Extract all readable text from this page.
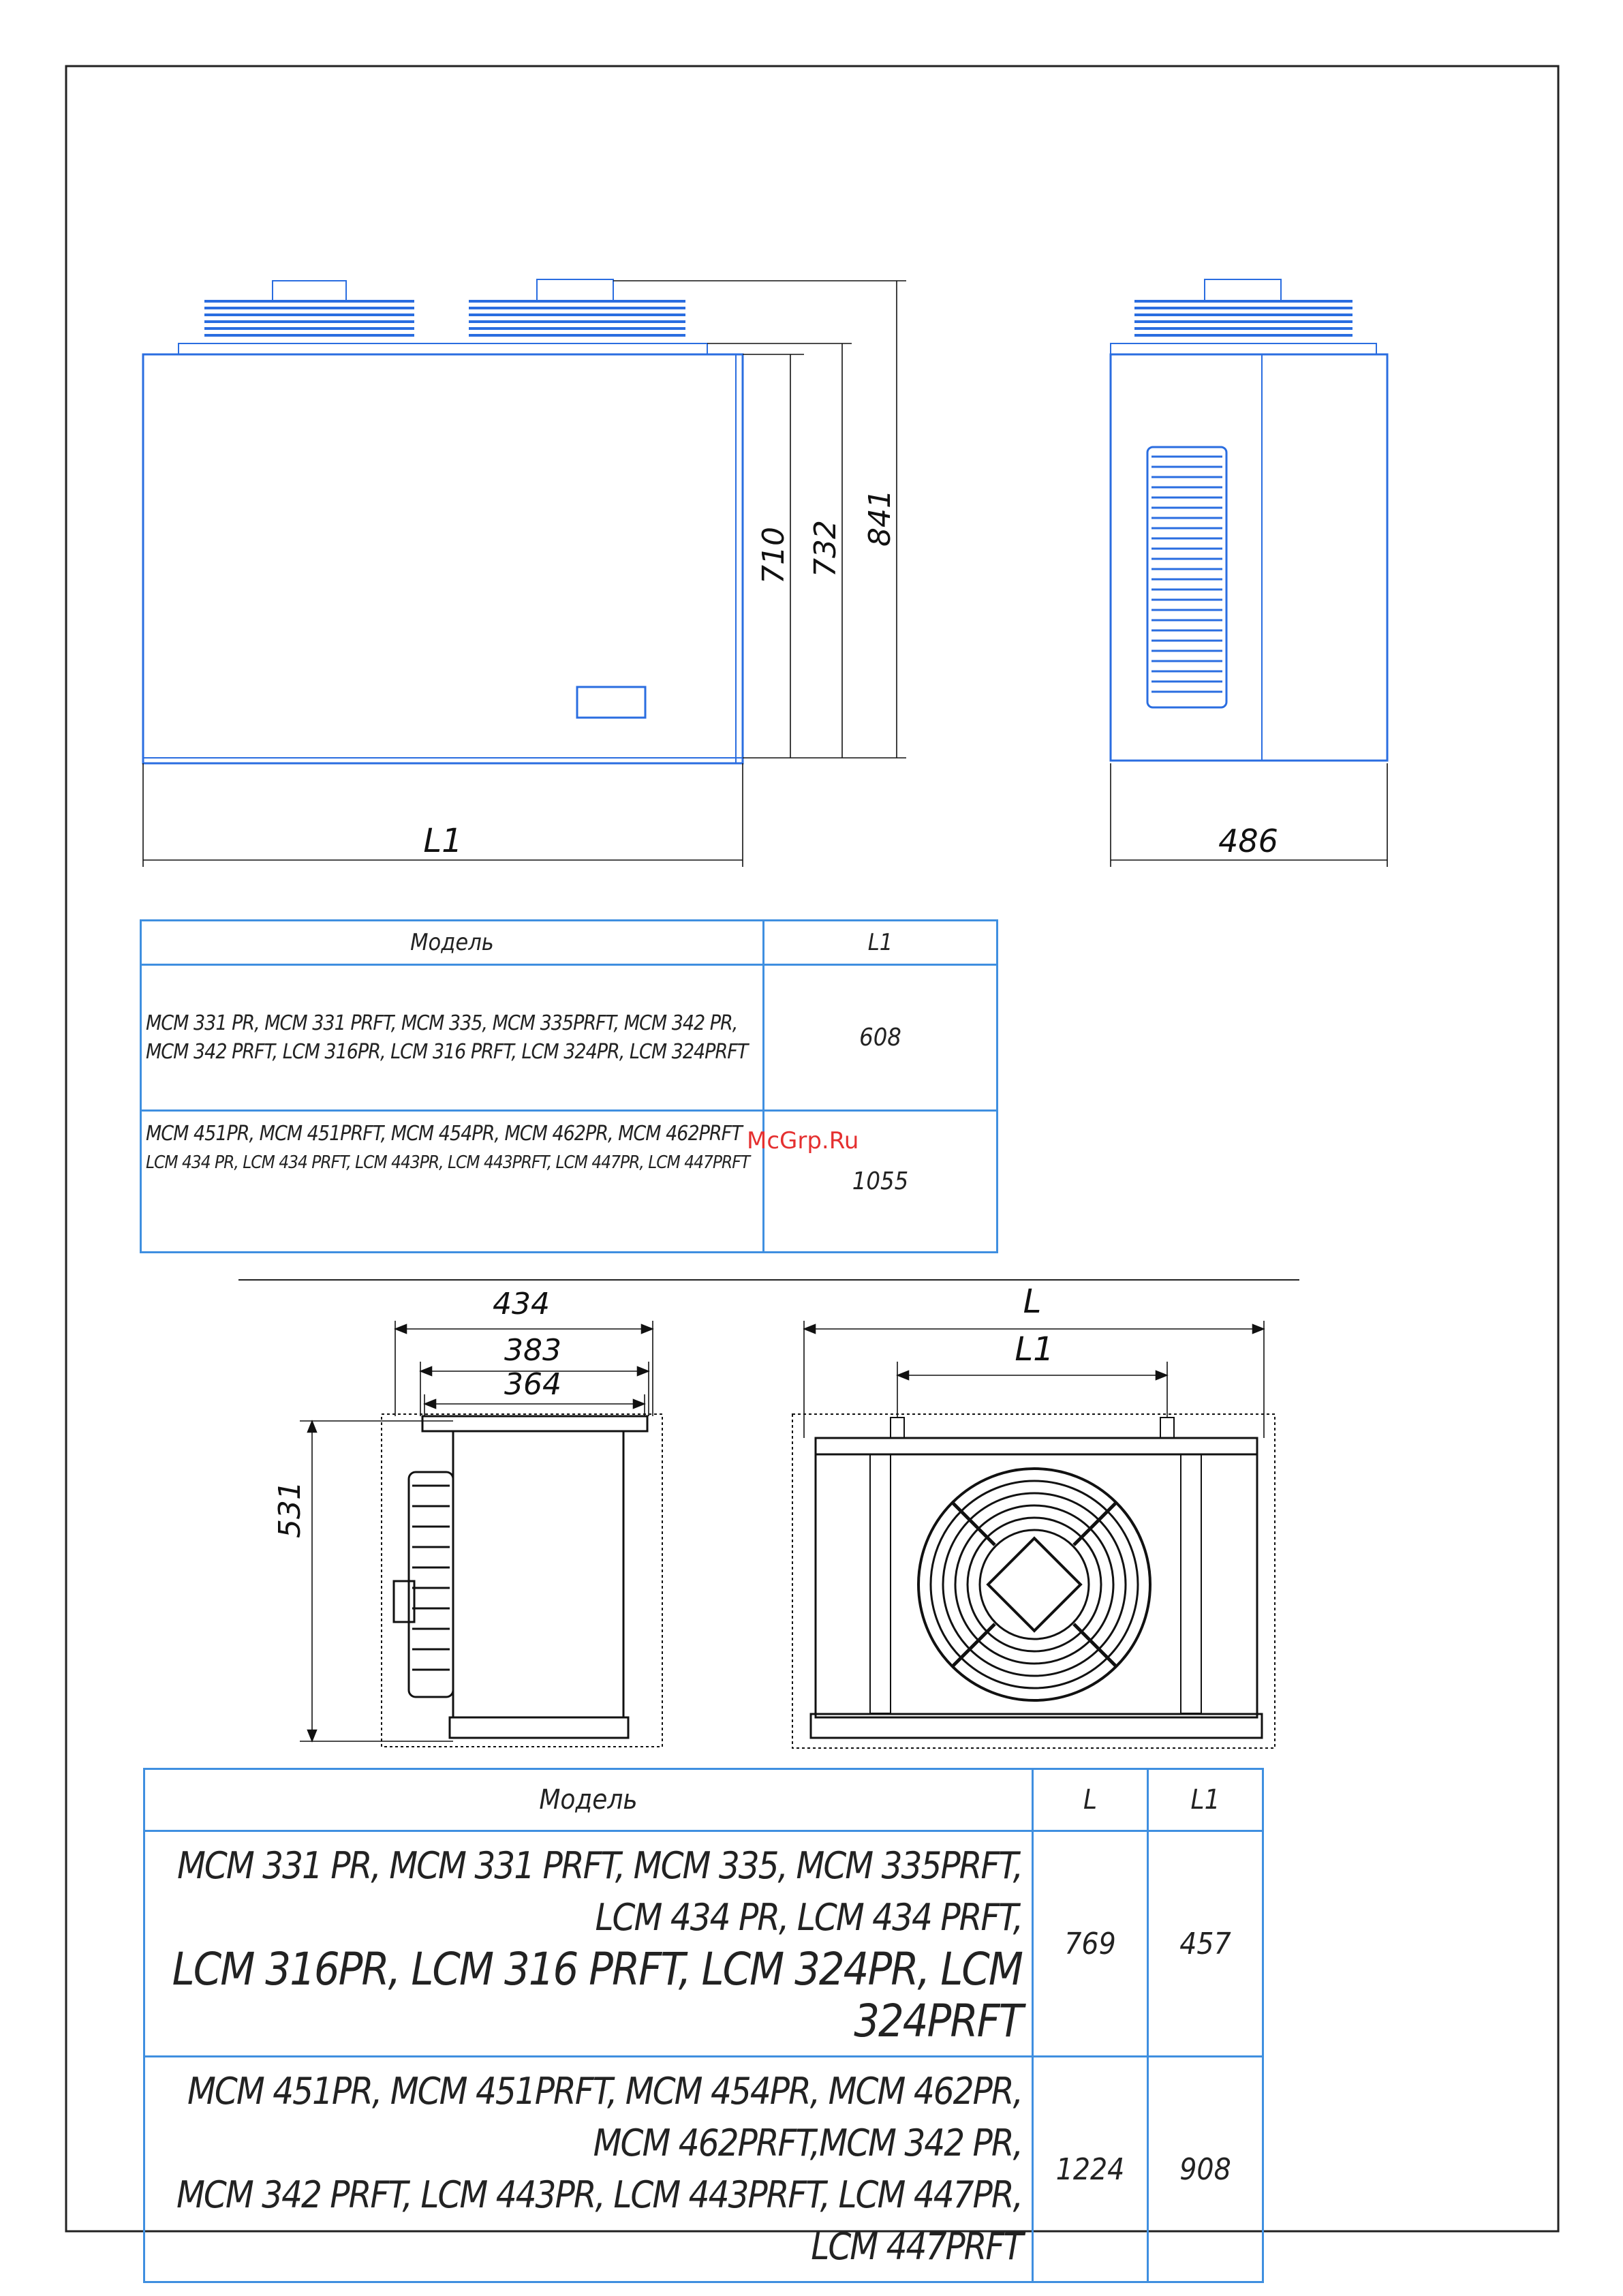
710 732
841
L1	486
434
383
364
531
L
L1
Модель	L1

MCM 331 PR, MCM 331 PRFT, MCM 335, MCM 335PRFT, MCM 342 PR,
MCM 342 PRFT, LCM 316PR, LCM 316 PRFT, LCM 324PR, LCM 324PRFT	608

MCM 451PR, MCM 451PRFT, MCM 454PR, MCM 462PR, MCM 462PRFT
LCM 434 PR, LCM 434 PRFT, LCM 443PR, LCM 443PRFT, LCM 447PR, LCM 447PRFT	1055
McGrp.Ru
Модель	L	L1

MCM 331 PR, MCM 331 PRFT, MCM 335, MCM 335PRFT, LCM 434 PR, LCM 434 PRFT,
LCM 316PR, LCM 316 PRFT, LCM 324PR, LCM 324PRFT	769	457

MCM 451PR, MCM 451PRFT, MCM 454PR, MCM 462PR, MCM 462PRFT,MCM 342 PR,
MCM 342 PRFT, LCM 443PR, LCM 443PRFT, LCM 447PR, LCM 447PRFT	1224	908
